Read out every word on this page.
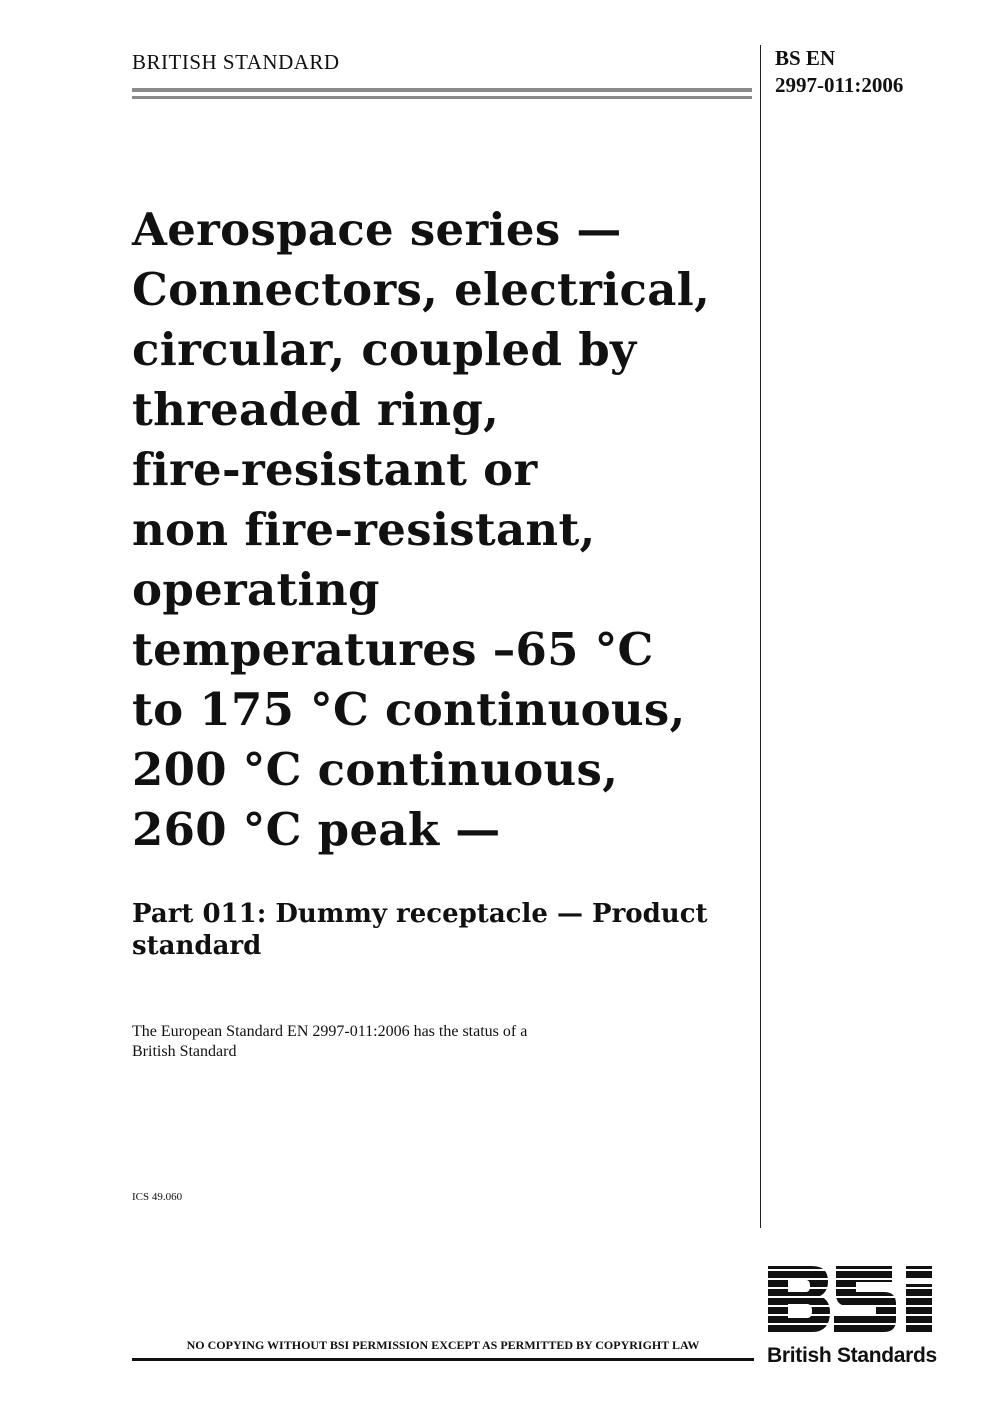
BRITISH STANDARD	BS EN
2997-011:2006
Aerospace series —
Connectors, electrical,
circular, coupled by
threaded ring,
fire-resistant or
non fire-resistant,
operating
temperatures –65 °C
to 175 °C continuous,
200 °C continuous,
260 °C peak —
Part 011: Dummy receptacle — Product
standard
The European Standard EN 2997-011:2006 has the status of a
British Standard
ICS 49.060
NO COPYING WITHOUT BSI PERMISSION EXCEPT AS PERMITTED BY COPYRIGHT LAW	British Standards
